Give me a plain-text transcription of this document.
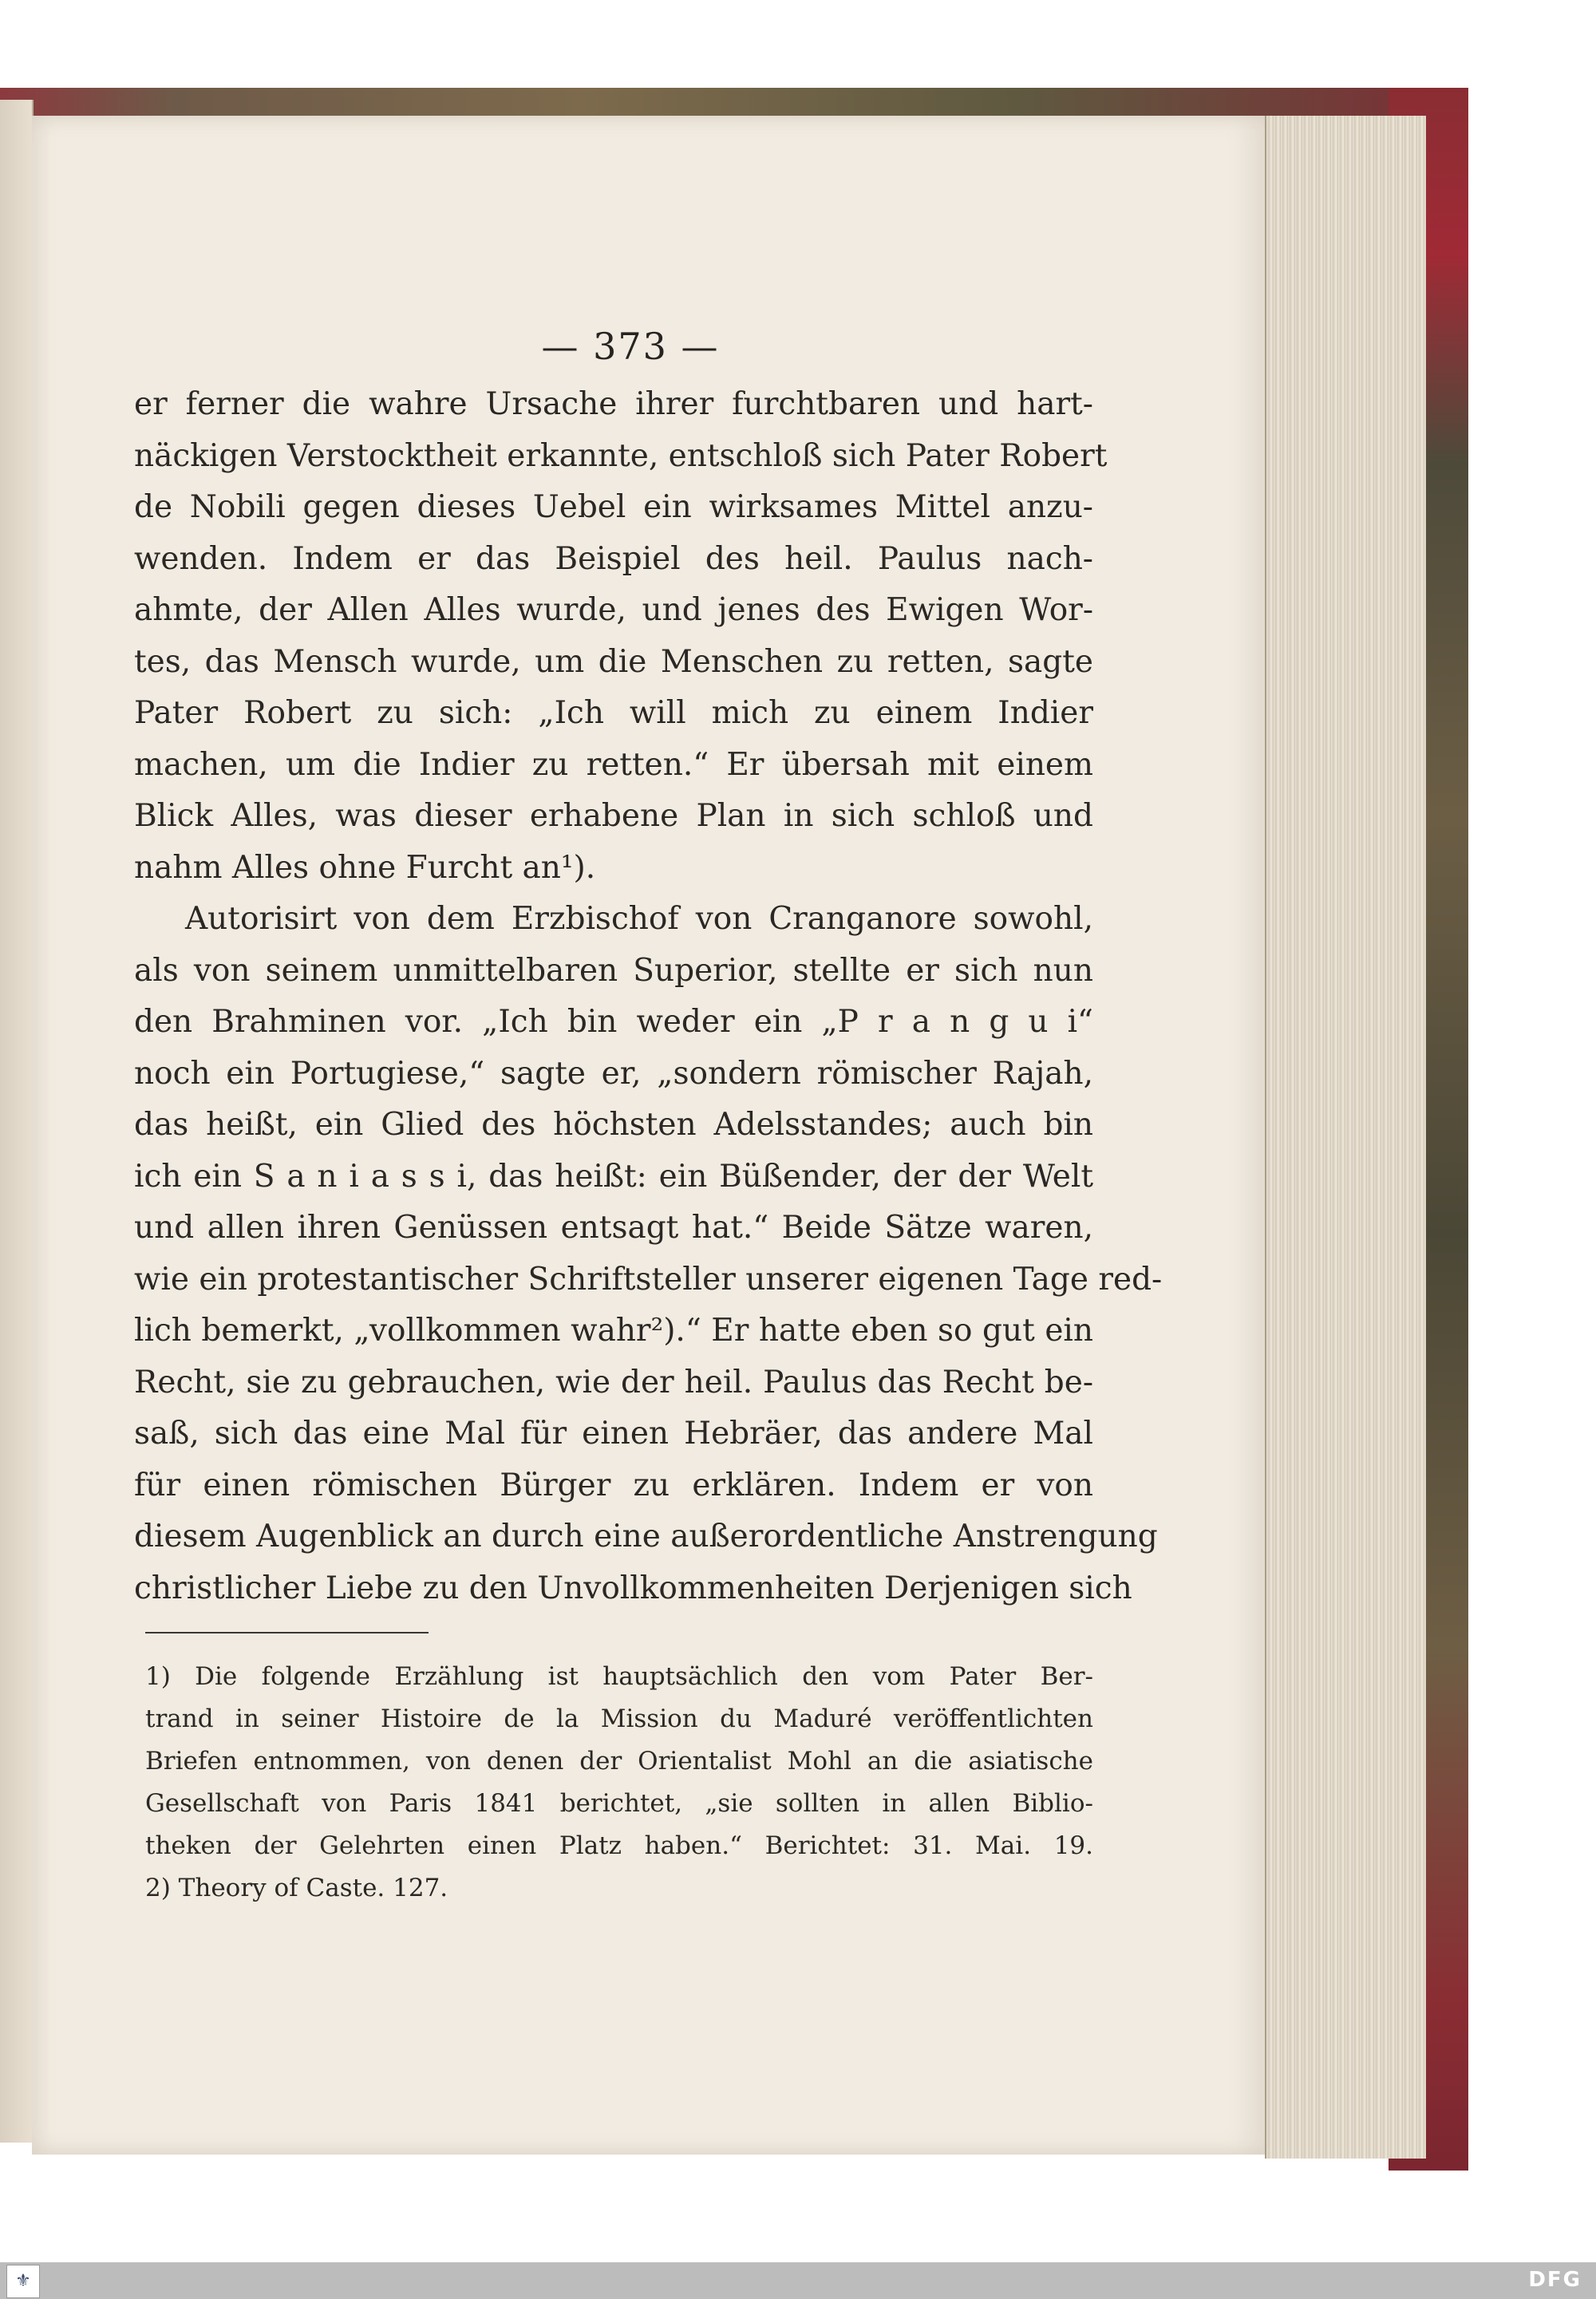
— 373 —
er ferner die wahre Ursache ihrer furchtbaren und hart-
näckigen Verstocktheit erkannte, entschloß sich Pater Robert
de Nobili gegen dieses Uebel ein wirksames Mittel anzu-
wenden. Indem er das Beispiel des heil. Paulus nach-
ahmte, der Allen Alles wurde, und jenes des Ewigen Wor-
tes, das Mensch wurde, um die Menschen zu retten, sagte
Pater Robert zu sich: „Ich will mich zu einem Indier
machen, um die Indier zu retten.“ Er übersah mit einem
Blick Alles, was dieser erhabene Plan in sich schloß und
nahm Alles ohne Furcht an¹).
Autorisirt von dem Erzbischof von Cranganore sowohl,
als von seinem unmittelbaren Superior, stellte er sich nun
den Brahminen vor. „Ich bin weder ein „P r a n g u i“
noch ein Portugiese,“ sagte er, „sondern römischer Rajah,
das heißt, ein Glied des höchsten Adelsstandes; auch bin
ich ein S a n i a s s i, das heißt: ein Büßender, der der Welt
und allen ihren Genüssen entsagt hat.“ Beide Sätze waren,
wie ein protestantischer Schriftsteller unserer eigenen Tage red-
lich bemerkt, „vollkommen wahr²).“ Er hatte eben so gut ein
Recht, sie zu gebrauchen, wie der heil. Paulus das Recht be-
saß, sich das eine Mal für einen Hebräer, das andere Mal
für einen römischen Bürger zu erklären. Indem er von
diesem Augenblick an durch eine außerordentliche Anstrengung
christlicher Liebe zu den Unvollkommenheiten Derjenigen sich
1) Die folgende Erzählung ist hauptsächlich den vom Pater Ber-
trand in seiner Histoire de la Mission du Maduré veröffentlichten
Briefen entnommen, von denen der Orientalist Mohl an die asiatische
Gesellschaft von Paris 1841 berichtet, „sie sollten in allen Biblio-
theken der Gelehrten einen Platz haben.“ Berichtet: 31. Mai. 19.
2) Theory of Caste. 127.
⚜	DFG
